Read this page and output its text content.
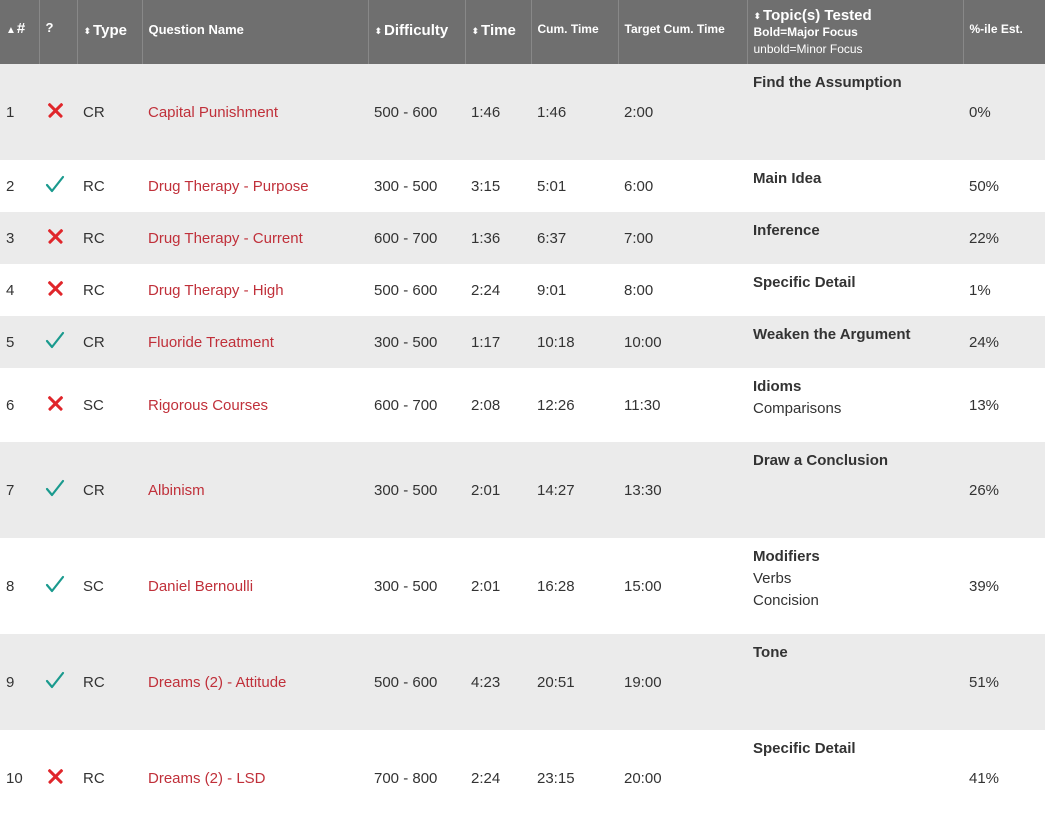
▲#	?	⬍ Type	Question Name	⬍ Difficulty	⬍ Time	Cum. Time	Target Cum. Time	⬍ Topic(s) Tested
Bold=Major Focus
unbold=Minor Focus	%-ile Est.

1		CR	Capital Punishment	500 - 600	1:46	1:46	2:00	Find the Assumption	0%
2		RC	Drug Therapy - Purpose	300 - 500	3:15	5:01	6:00	Main Idea	50%
3		RC	Drug Therapy - Current	600 - 700	1:36	6:37	7:00	Inference	22%
4		RC	Drug Therapy - High	500 - 600	2:24	9:01	8:00	Specific Detail	1%
5		CR	Fluoride Treatment	300 - 500	1:17	10:18	10:00	Weaken the Argument	24%
6		SC	Rigorous Courses	600 - 700	2:08	12:26	11:30	Idioms
Comparisons	13%
7		CR	Albinism	300 - 500	2:01	14:27	13:30	Draw a Conclusion	26%
8		SC	Daniel Bernoulli	300 - 500	2:01	16:28	15:00	Modifiers
Verbs
Concision	39%
9		RC	Dreams (2) - Attitude	500 - 600	4:23	20:51	19:00	Tone	51%
10		RC	Dreams (2) - LSD	700 - 800	2:24	23:15	20:00	Specific Detail	41%
